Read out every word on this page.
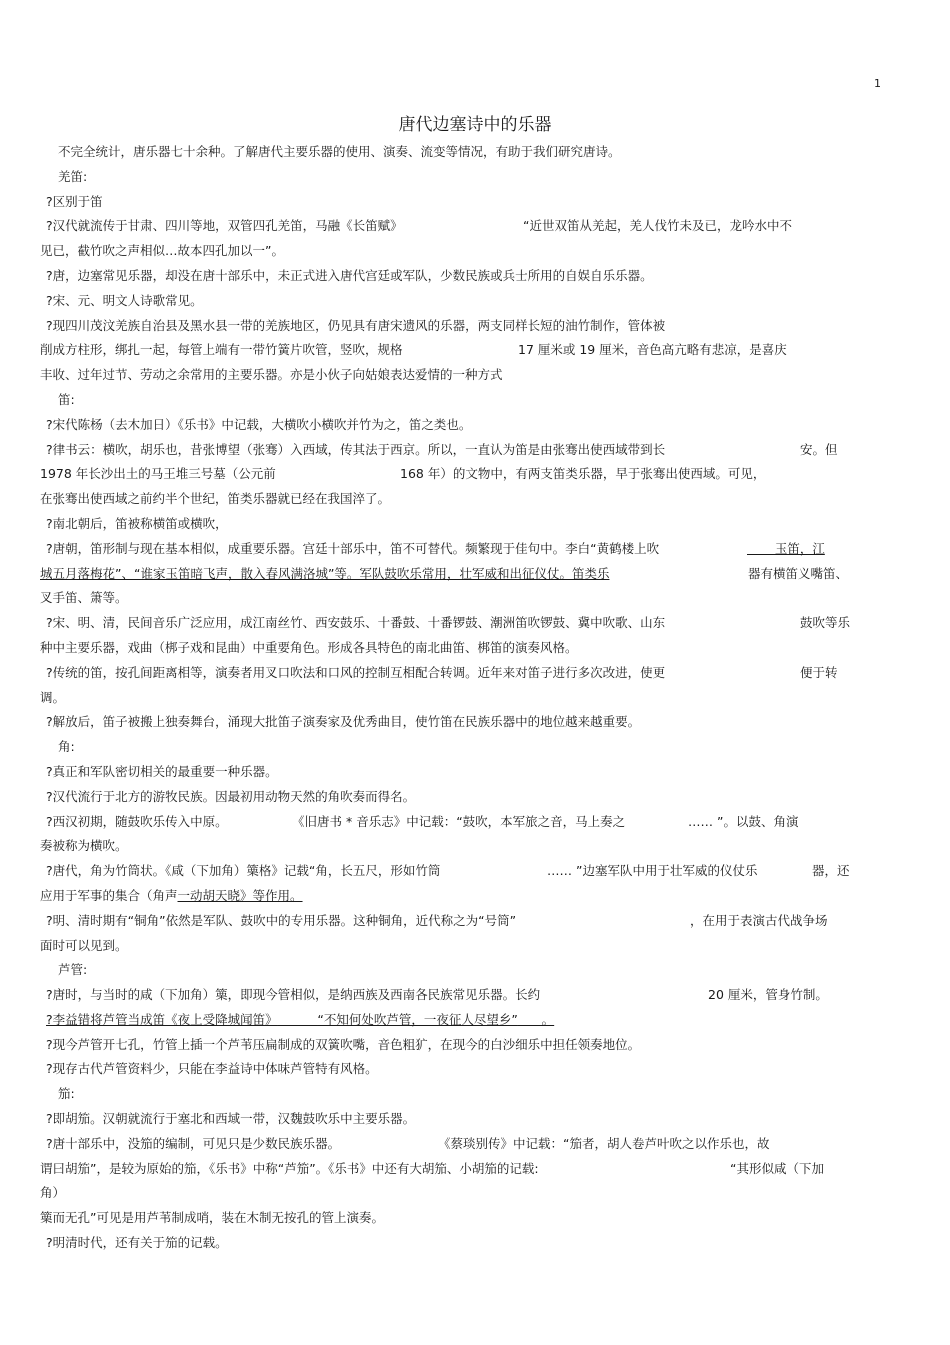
1
唐代边塞诗中的乐器
不完全统计，唐乐器七十余种。了解唐代主要乐器的使用、演奏、流变等情况，有助于我们研究唐诗。
羌笛:
?区别于笛
?汉代就流传于甘肃、四川等地，双管四孔羌笛，马融《长笛赋》	“近世双笛从羌起，羌人伐竹未及已，龙吟水中不
见已，截竹吹之声相似…故本四孔加以一”。
?唐，边塞常见乐器，却没在唐十部乐中，未正式进入唐代宫廷或军队，少数民族或兵士所用的自娱自乐乐器。
?宋、元、明文人诗歌常见。
?现四川茂汶羌族自治县及黑水县一带的羌族地区，仍见具有唐宋遗风的乐器，两支同样长短的油竹制作，管体被
削成方柱形，绑扎一起，每管上端有一带竹簧片吹管，竖吹，规格	17 厘米或 19 厘米，音色高亢略有悲凉，是喜庆
丰收、过年过节、劳动之余常用的主要乐器。亦是小伙子向姑娘表达爱情的一种方式
笛:
?宋代陈杨（去木加日）《乐书》中记载，大横吹小横吹并竹为之，笛之类也。
?律书云：横吹，胡乐也，昔张博望（张骞）入西域，传其法于西京。所以，一直认为笛是由张骞出使西域带到长	安。但
1978 年长沙出土的马王堆三号墓（公元前	168 年）的文物中，有两支笛类乐器，早于张骞出使西域。可见，
在张骞出使西域之前约半个世纪，笛类乐器就已经在我国淬了。
?南北朝后，笛被称横笛或横吹，
?唐朝，笛形制与现在基本相似，成重要乐器。宫廷十部乐中，笛不可替代。频繁现于佳句中。李白“黄鹤楼上吹	玉笛，江
城五月落梅花”、“谁家玉笛暗飞声，散入春风满洛城”等。军队鼓吹乐常用，壮军威和出征仪仗。笛类乐	器有横笛义嘴笛、
叉手笛、箫等。
?宋、明、清，民间音乐广泛应用，成江南丝竹、西安鼓乐、十番鼓、十番锣鼓、潮洲笛吹锣鼓、冀中吹歌、山东	鼓吹等乐
种中主要乐器，戏曲（梆子戏和昆曲）中重要角色。形成各具特色的南北曲笛、梆笛的演奏风格。
?传统的笛，按孔间距离相等，演奏者用叉口吹法和口风的控制互相配合转调。近年来对笛子进行多次改进，使更	便于转
调。
?解放后，笛子被搬上独奏舞台，涌现大批笛子演奏家及优秀曲目，使竹笛在民族乐器中的地位越来越重要。
角:
?真正和军队密切相关的最重要一种乐器。
?汉代流行于北方的游牧民族。因最初用动物天然的角吹奏而得名。
?西汉初期，随鼓吹乐传入中原。	《旧唐书 * 音乐志》中记载：“鼓吹，本军旅之音，马上奏之	…… ”。以鼓、角演
奏被称为横吹。
?唐代，角为竹筒状。《咸（下加角）篥格》记载“角，长五尺，形如竹筒	…… ”边塞军队中用于壮军威的仪仗乐	器，还
应用于军事的集合（角声一动胡天晓》等作用。
?明、清时期有“铜角”依然是军队、鼓吹中的专用乐器。这种铜角，近代称之为“号筒”	，在用于表演古代战争场
面时可以见到。
芦管:
?唐时，与当时的咸（下加角）篥，即现今管相似，是纳西族及西南各民族常见乐器。长约	20 厘米，管身竹制。
?李益错将芦管当成笛《夜上受降城闻笛》	“不知何处吹芦管，一夜征人尽望乡”      。
?现今芦管开七孔，竹管上插一个芦苇压扁制成的双簧吹嘴，音色粗犷，在现今的白沙细乐中担任领奏地位。
?现存古代芦管资料少，只能在李益诗中体味芦管特有风格。
笳:
?即胡笳。汉朝就流行于塞北和西域一带，汉魏鼓吹乐中主要乐器。
?唐十部乐中，没笳的编制，可见只是少数民族乐器。	《蔡琰别传》中记载：“笳者，胡人卷芦叶吹之以作乐也，故
谓曰胡笳”，是较为原始的笳，《乐书》中称“芦笳”。《乐书》中还有大胡笳、小胡笳的记载:	“其形似咸（下加
角）
篥而无孔”可见是用芦苇制成哨，装在木制无按孔的管上演奏。
?明清时代，还有关于笳的记载。
